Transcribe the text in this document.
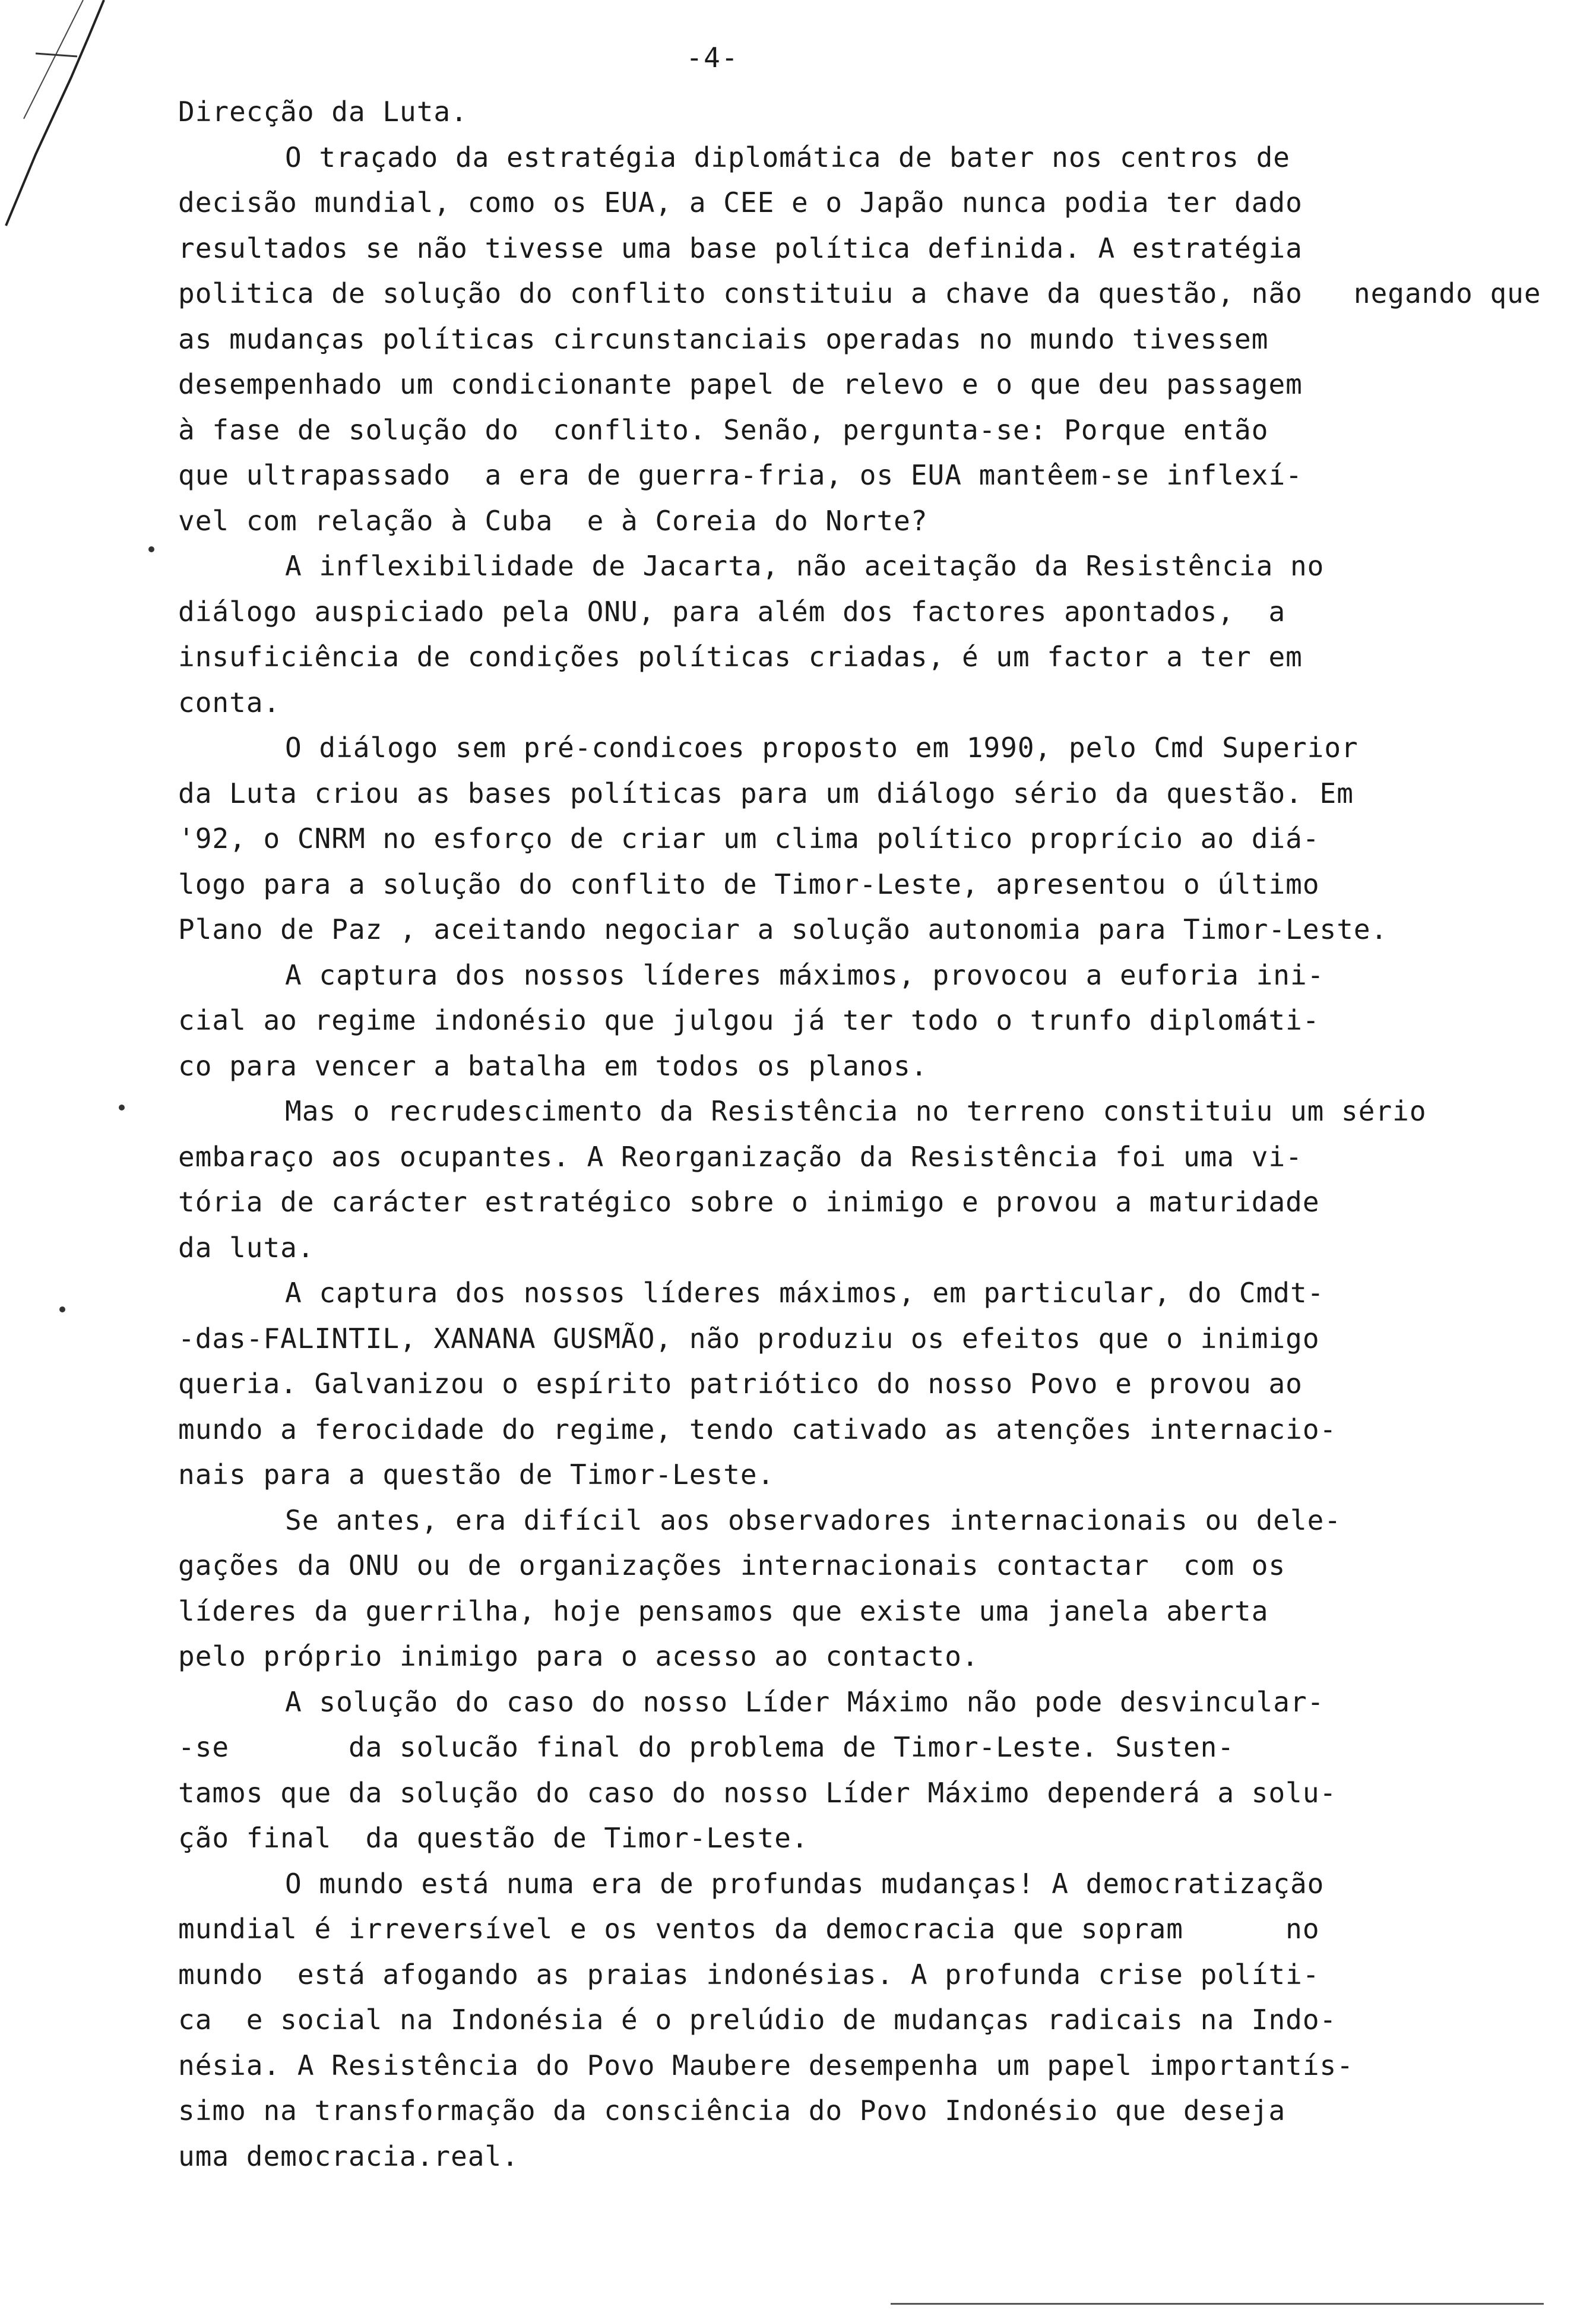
-4-
Direcção da Luta.
O traçado da estratégia diplomática de bater nos centros de
decisão mundial, como os EUA, a CEE e o Japão nunca podia ter dado
resultados se não tivesse uma base política definida. A estratégia
politica de solução do conflito constituiu a chave da questão, não   negando que
as mudanças políticas circunstanciais operadas no mundo tivessem
desempenhado um condicionante papel de relevo e o que deu passagem
à fase de solução do  conflito. Senão, pergunta-se: Porque então
que ultrapassado  a era de guerra-fria, os EUA mantêem-se inflexí-
vel com relação à Cuba  e à Coreia do Norte?
A inflexibilidade de Jacarta, não aceitação da Resistência no
diálogo auspiciado pela ONU, para além dos factores apontados,  a
insuficiência de condições políticas criadas, é um factor a ter em
conta.
O diálogo sem pré-condicoes proposto em 1990, pelo Cmd Superior
da Luta criou as bases políticas para um diálogo sério da questão. Em
'92, o CNRM no esforço de criar um clima político proprício ao diá-
logo para a solução do conflito de Timor-Leste, apresentou o último
Plano de Paz , aceitando negociar a solução autonomia para Timor-Leste.
A captura dos nossos líderes máximos, provocou a euforia ini-
cial ao regime indonésio que julgou já ter todo o trunfo diplomáti-
co para vencer a batalha em todos os planos.
Mas o recrudescimento da Resistência no terreno constituiu um sério
embaraço aos ocupantes. A Reorganização da Resistência foi uma vi-
tória de carácter estratégico sobre o inimigo e provou a maturidade
da luta.
A captura dos nossos líderes máximos, em particular, do Cmdt-
-das-FALINTIL, XANANA GUSMÃO, não produziu os efeitos que o inimigo
queria. Galvanizou o espírito patriótico do nosso Povo e provou ao
mundo a ferocidade do regime, tendo cativado as atenções internacio-
nais para a questão de Timor-Leste.
Se antes, era difícil aos observadores internacionais ou dele-
gações da ONU ou de organizações internacionais contactar  com os
líderes da guerrilha, hoje pensamos que existe uma janela aberta
pelo próprio inimigo para o acesso ao contacto.
A solução do caso do nosso Líder Máximo não pode desvincular-
-se       da solucão final do problema de Timor-Leste. Susten-
tamos que da solução do caso do nosso Líder Máximo dependerá a solu-
ção final  da questão de Timor-Leste.
O mundo está numa era de profundas mudanças! A democratização
mundial é irreversível e os ventos da democracia que sopram      no
mundo  está afogando as praias indonésias. A profunda crise políti-
ca  e social na Indonésia é o prelúdio de mudanças radicais na Indo-
nésia. A Resistência do Povo Maubere desempenha um papel importantís-
simo na transformação da consciência do Povo Indonésio que deseja
uma democracia.real.
